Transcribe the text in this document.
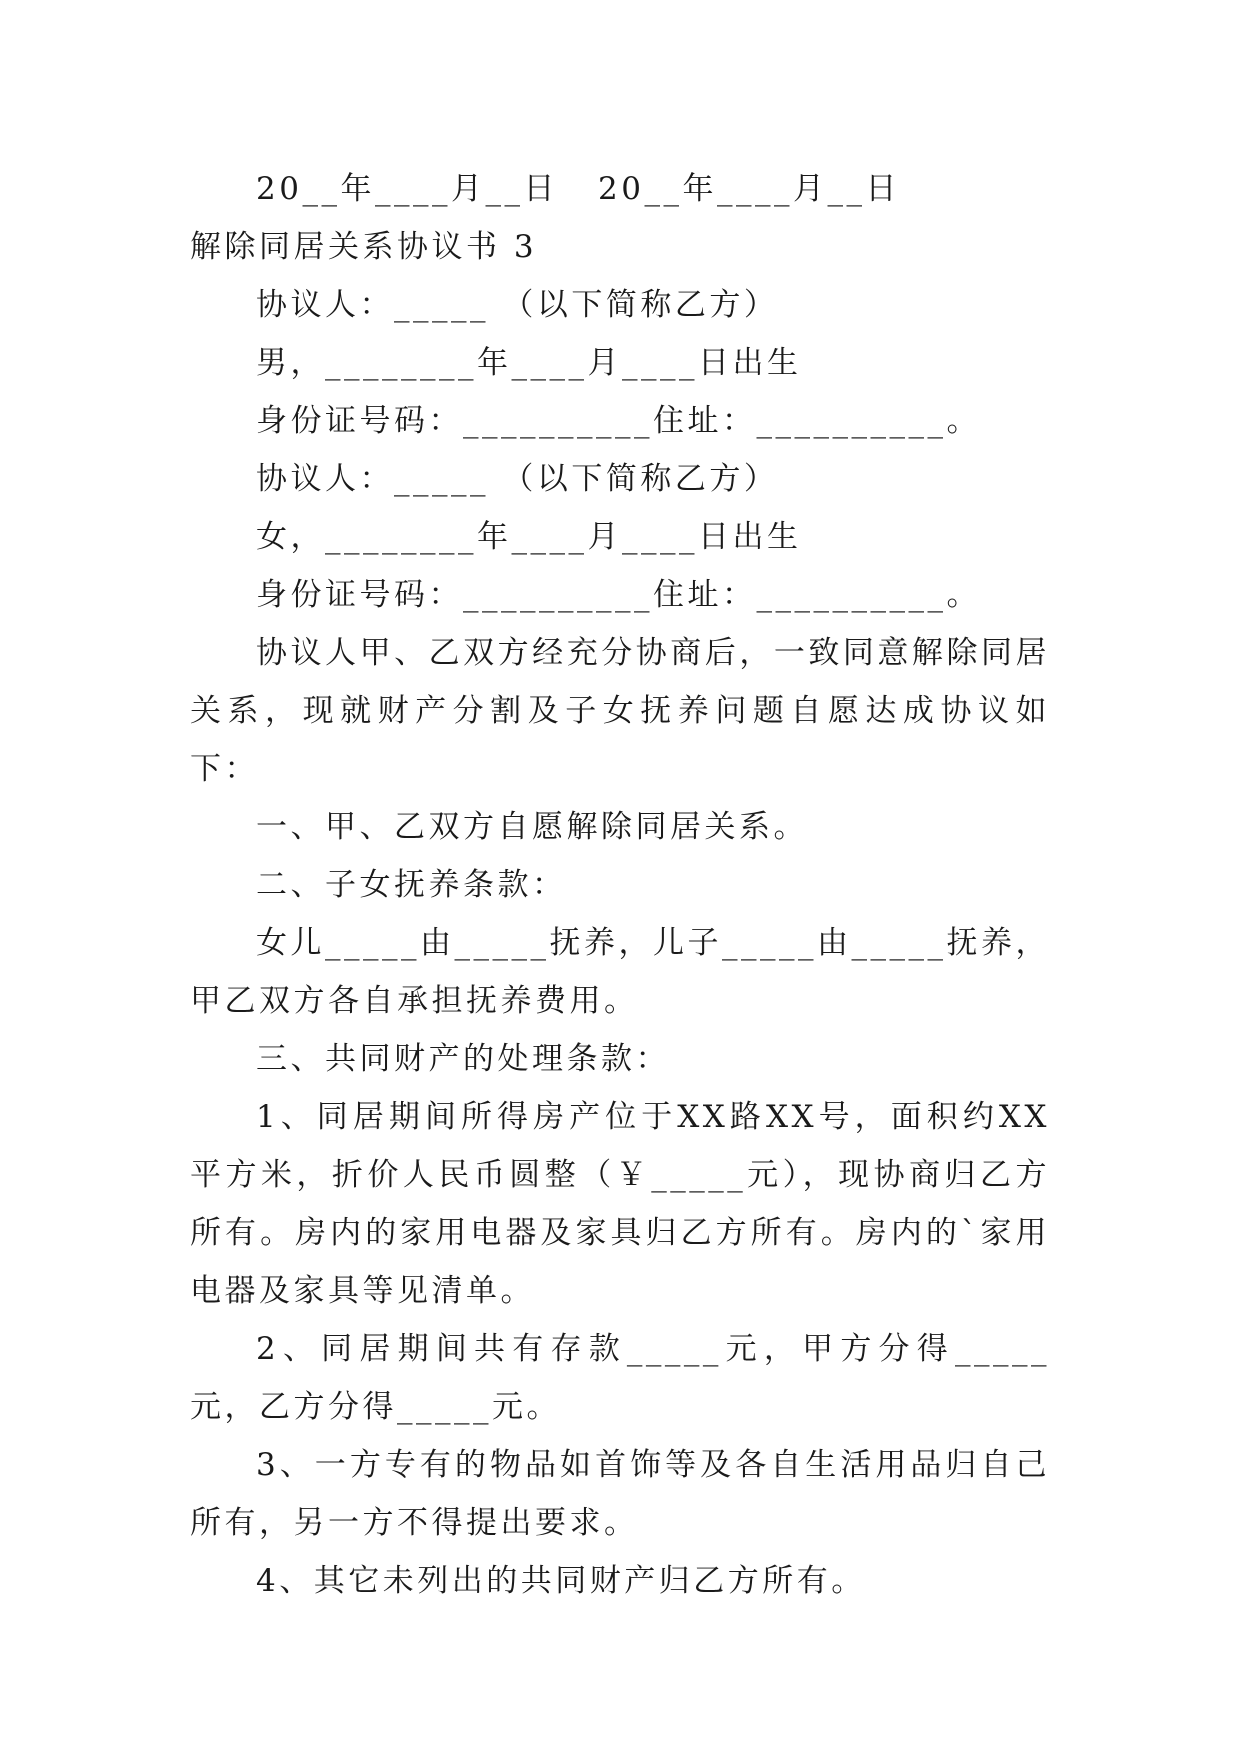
20__年____月__日   20__年____月__日

解除同居关系协议书 3

协议人：_____ （以下简称乙方）

男，________年____月____日出生

身份证号码：__________住址：__________。

协议人：_____ （以下简称乙方）

女，________年____月____日出生

身份证号码：__________住址：__________。

协议人甲、乙双方经充分协商后，一致同意解除同居关系，现就财产分割及子女抚养问题自愿达成协议如下：

一、甲、乙双方自愿解除同居关系。

二、子女抚养条款：

女儿_____由_____抚养，儿子_____由_____抚养，甲乙双方各自承担抚养费用。

三、共同财产的处理条款：

1、同居期间所得房产位于XX路XX号，面积约XX平方米，折价人民币圆整（￥_____元），现协商归乙方所有。房内的家用电器及家具归乙方所有。房内的`家用电器及家具等见清单。

2、同居期间共有存款_____元，甲方分得_____元，乙方分得_____元。

3、一方专有的物品如首饰等及各自生活用品归自己所有，另一方不得提出要求。

4、其它未列出的共同财产归乙方所有。
